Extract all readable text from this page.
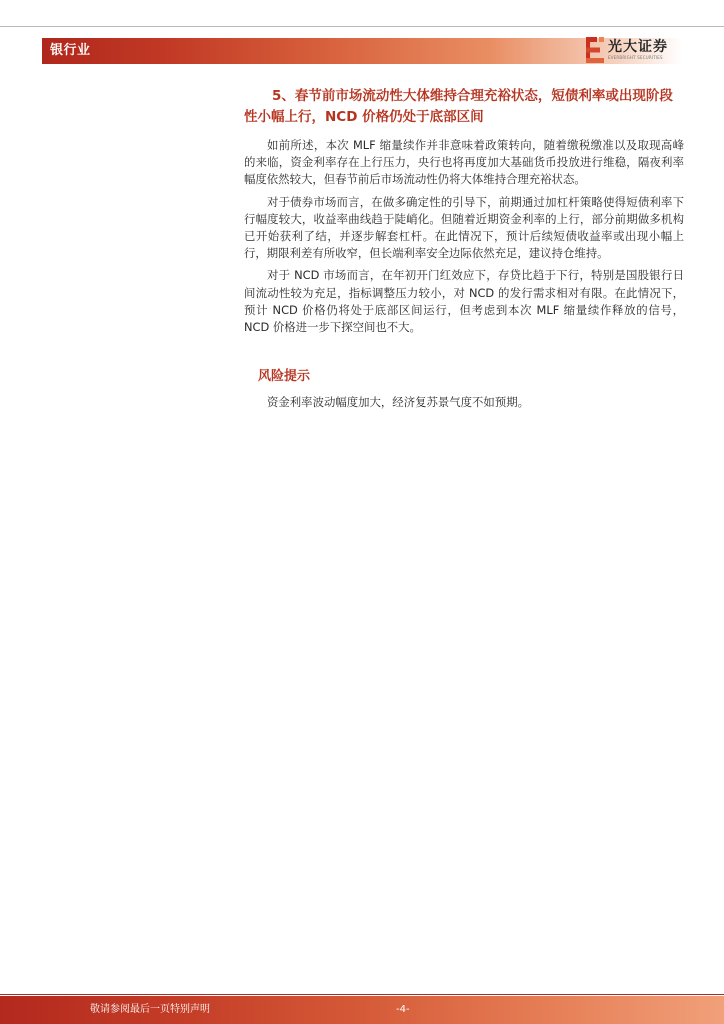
银行业	光大证券
EVERBRIGHT SECURITIES
5、春节前市场流动性大体维持合理充裕状态，短债利率或出现阶段性小幅上行，NCD 价格仍处于底部区间

如前所述，本次 MLF 缩量续作并非意味着政策转向，随着缴税缴准以及取现高峰的来临，资金利率存在上行压力，央行也将再度加大基础货币投放进行维稳，隔夜利率幅度依然较大，但春节前后市场流动性仍将大体维持合理充裕状态。

对于债券市场而言，在做多确定性的引导下，前期通过加杠杆策略使得短债利率下行幅度较大，收益率曲线趋于陡峭化。但随着近期资金利率的上行，部分前期做多机构已开始获利了结，并逐步解套杠杆。在此情况下，预计后续短债收益率或出现小幅上行，期限利差有所收窄，但长端利率安全边际依然充足，建议持仓维持。

对于 NCD 市场而言，在年初开门红效应下，存贷比趋于下行，特别是国股银行日间流动性较为充足，指标调整压力较小，对 NCD 的发行需求相对有限。在此情况下，预计 NCD 价格仍将处于底部区间运行，但考虑到本次 MLF 缩量续作释放的信号，NCD 价格进一步下探空间也不大。

风险提示
资金利率波动幅度加大，经济复苏景气度不如预期。
敬请参阅最后一页特别声明	-4-
